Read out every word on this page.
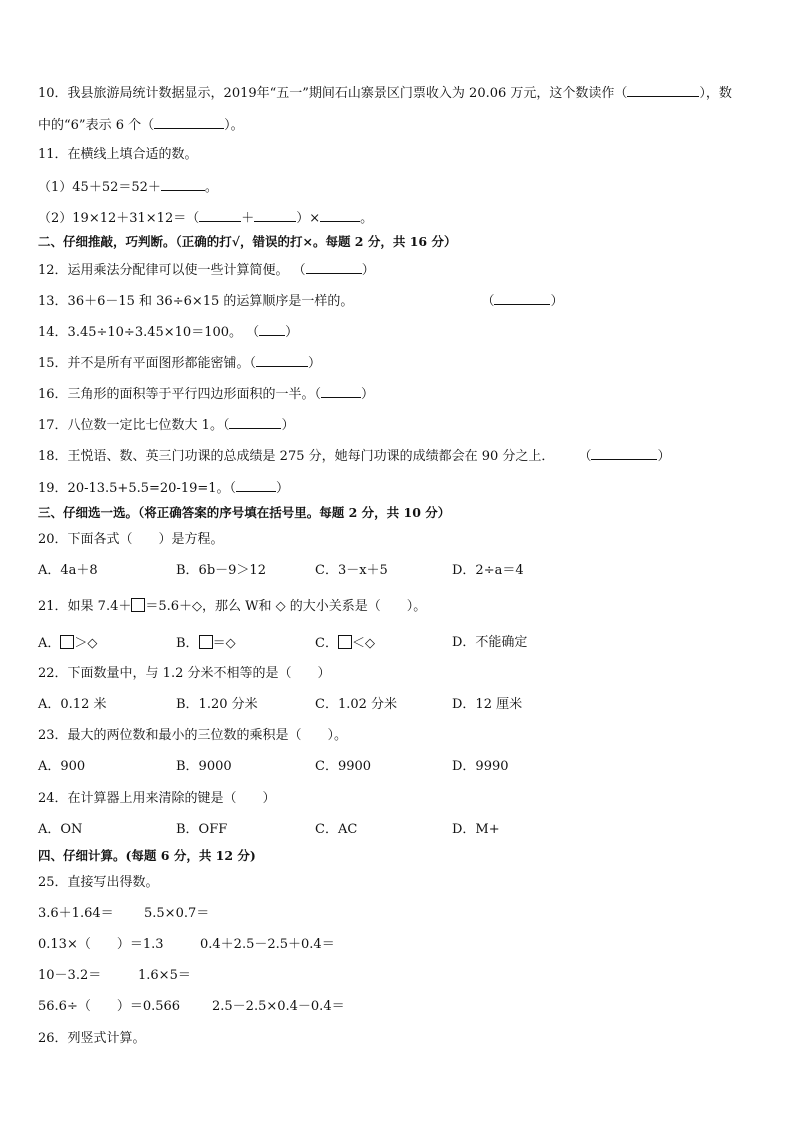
10．我县旅游局统计数据显示，2019年“五一”期间石山寨景区门票收入为 20.06 万元，这个数读作（	），数
中的“6”表示 6 个（	）。
11．在横线上填合适的数。
（1）45＋52＝52＋	。
（2）19×12＋31×12＝（	＋	）×	。
二、仔细推敲，巧判断。（正确的打√，错误的打×。每题 2 分，共 16 分）
12．运用乘法分配律可以使一些计算简便。 （	）
13．36＋6－15 和 36÷6×15 的运算顺序是一样的。	（	）
14．3.45÷10÷3.45×10＝100。 （ ）
15．并不是所有平面图形都能密铺。（	）
16．三角形的面积等于平行四边形面积的一半。（	）
17．八位数一定比七位数大 1。（	）
18．王悦语、数、英三门功课的总成绩是 275 分，她每门功课的成绩都会在 90 分之上． （	）
19．20-13.5+5.5=20-19=1。（	）
三、仔细选一选。（将正确答案的序号填在括号里。每题 2 分，共 10 分）
20．下面各式（　　）是方程。
A．4a＋8	B．6b－9＞12	C．3－x＋5	D．2÷a＝4
21．如果 7.4＋ ＝5.6＋◇，那么 W和 ◇ 的大小关系是（　　）。
A． ＞◇	B． ＝◇	C． ＜◇	D．不能确定
22．下面数量中，与 1.2 分米不相等的是（　　）
A．0.12 米	B．1.20 分米	C．1.02 分米	D．12 厘米
23．最大的两位数和最小的三位数的乘积是（　　）。
A．900	B．9000	C．9900	D．9990
24．在计算器上用来清除的键是（　　）
A．ON	B．OFF	C．AC	D．M+
四、仔细计算。(每题 6 分，共 12 分)
25．直接写出得数。
3.6＋1.64＝ 5.5×0.7＝
0.13×（　　）＝1.3	0.4＋2.5－2.5＋0.4＝
10－3.2＝	1.6×5＝
56.6÷（　　）＝0.566 2.5－2.5×0.4－0.4＝
26．列竖式计算。
